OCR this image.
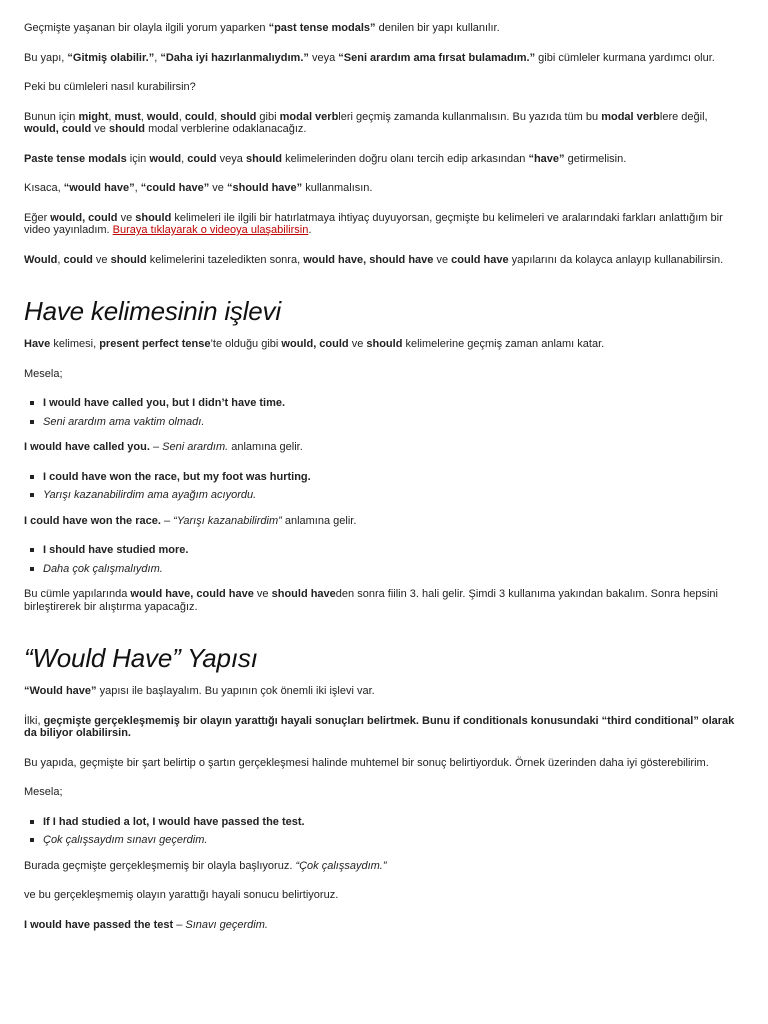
Geçmişte yaşanan bir olayla ilgili yorum yaparken “past tense modals” denilen bir yapı kullanılır.

Bu yapı, “Gitmiş olabilir.”, “Daha iyi hazırlanmalıydım.” veya “Seni arardım ama fırsat bulamadım.” gibi cümleler kurmana yardımcı olur.

Peki bu cümleleri nasıl kurabilirsin?

Bunun için might, must, would, could, should gibi modal verbleri geçmiş zamanda kullanmalısın. Bu yazıda tüm bu modal verblere değil, would, could ve should modal verblerine odaklanacağız.

Paste tense modals için would, could veya should kelimelerinden doğru olanı tercih edip arkasından “have” getirmelisin.

Kısaca, “would have”, “could have” ve “should have” kullanmalısın.

Eğer would, could ve should kelimeleri ile ilgili bir hatırlatmaya ihtiyaç duyuyorsan, geçmişte bu kelimeleri ve aralarındaki farkları anlattığım bir video yayınladım. Buraya tıklayarak o videoya ulaşabilirsin.

Would, could ve should kelimelerini tazeledikten sonra, would have, should have ve could have yapılarını da kolayca anlayıp kullanabilirsin.

Have kelimesinin işlevi

Have kelimesi, present perfect tense’te olduğu gibi would, could ve should kelimelerine geçmiş zaman anlamı katar.

Mesela;

I would have called you, but I didn’t have time.
Seni arardım ama vaktim olmadı.

I would have called you. – Seni arardım. anlamına gelir.

I could have won the race, but my foot was hurting.
Yarışı kazanabilirdim ama ayağım acıyordu.

I could have won the race. – “Yarışı kazanabilirdim” anlamına gelir.

I should have studied more.
Daha çok çalışmalıydım.

Bu cümle yapılarında would have, could have ve should haveden sonra fiilin 3. hali gelir. Şimdi 3 kullanıma yakından bakalım. Sonra hepsini birleştirerek bir alıştırma yapacağız.

“Would Have” Yapısı

“Would have” yapısı ile başlayalım. Bu yapının çok önemli iki işlevi var.

İlki, geçmişte gerçekleşmemiş bir olayın yarattığı hayali sonuçları belirtmek. Bunu if conditionals konusundaki “third conditional” olarak da biliyor olabilirsin.

Bu yapıda, geçmişte bir şart belirtip o şartın gerçekleşmesi halinde muhtemel bir sonuç belirtiyorduk. Örnek üzerinden daha iyi gösterebilirim.

Mesela;

If I had studied a lot, I would have passed the test.
Çok çalışsaydım sınavı geçerdim.

Burada geçmişte gerçekleşmemiş bir olayla başlıyoruz. “Çok çalışsaydım.”

ve bu gerçekleşmemiş olayın yarattığı hayali sonucu belirtiyoruz.

I would have passed the test – Sınavı geçerdim.
